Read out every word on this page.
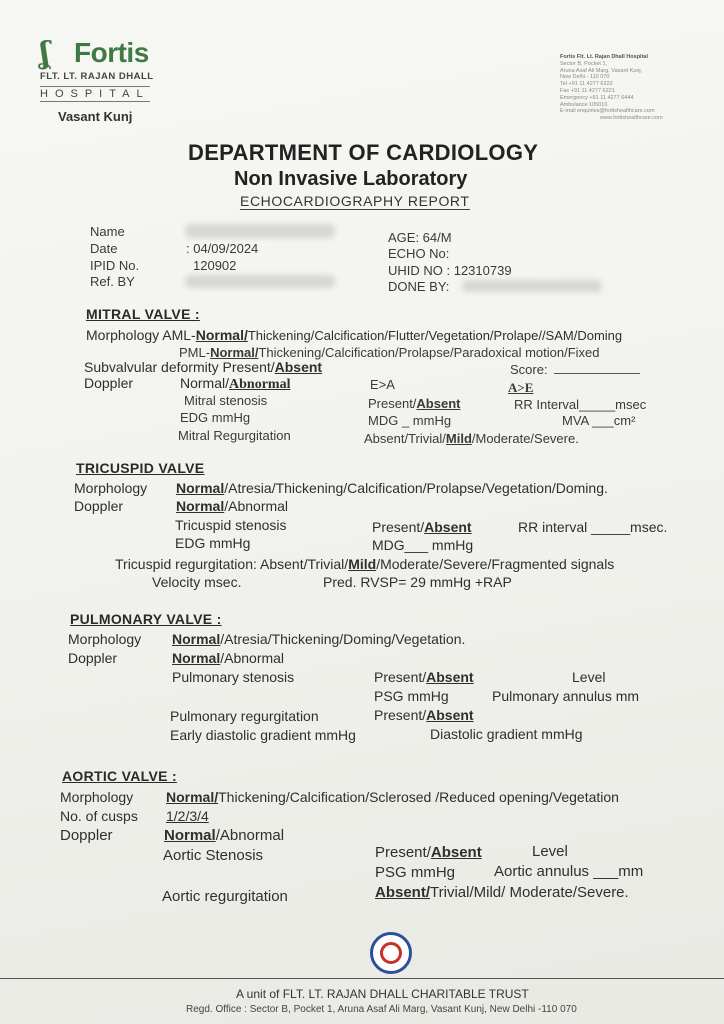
ʆ Fortis
FLT. LT. RAJAN DHALL
HOSPITAL
Vasant Kunj
Fortis Flt. Lt. Rajan Dhall Hospital
Sector B, Pocket 1,
Aruna Asaf Ali Marg, Vasant Kunj,
New Delhi - 110 070
Tel +91 11 4277 6222
Fax +91 11 4277 6221
Emergency +91 11 4277 6444
Ambulance 105010
E-mail enquiries@fortishealthcare.com
www.fortishealthcare.com
DEPARTMENT OF CARDIOLOGY
Non Invasive Laboratory
ECHOCARDIOGRAPHY REPORT
Name
Date	: 04/09/2024
IPID No.	120902
Ref. BY
AGE: 64/M
ECHO No:
UHID NO : 12310739
DONE BY:
MITRAL VALVE :
Morphology AML-Normal/Thickening/Calcification/Flutter/Vegetation/Prolape//SAM/Doming
PML-Normal/Thickening/Calcification/Prolapse/Paradoxical motion/Fixed
Subvalvular deformity Present/Absent	Score:
Doppler	Normal/Abnormal	E>A	A>E
Mitral stenosis	Present/Absent	RR Interval_____msec
EDG mmHg	MDG _ mmHg	MVA ___cm²
Mitral Regurgitation	Absent/Trivial/Mild/Moderate/Severe.
TRICUSPID VALVE
Morphology Normal/Atresia/Thickening/Calcification/Prolapse/Vegetation/Doming.
Doppler	Normal/Abnormal
Tricuspid stenosis	Present/Absent	RR interval _____msec.
EDG mmHg	MDG___ mmHg
Tricuspid regurgitation: Absent/Trivial/Mild/Moderate/Severe/Fragmented signals
Velocity msec.	Pred. RVSP= 29 mmHg +RAP
PULMONARY VALVE :
Morphology Normal/Atresia/Thickening/Doming/Vegetation.
Doppler	Normal/Abnormal
Pulmonary stenosis	Present/Absent	Level
PSG mmHg	Pulmonary annulus mm
Pulmonary regurgitation	Present/Absent
Early diastolic gradient mmHg	Diastolic gradient mmHg
AORTIC VALVE :
Morphology Normal/Thickening/Calcification/Sclerosed /Reduced opening/Vegetation
No. of cusps 1/2/3/4
Doppler	Normal/Abnormal
Aortic Stenosis	Present/Absent	Level
PSG mmHg	Aortic annulus ___mm
Aortic regurgitation	Absent/Trivial/Mild/ Moderate/Severe.
A unit of FLT. LT. RAJAN DHALL CHARITABLE TRUST
Regd. Office : Sector B, Pocket 1, Aruna Asaf Ali Marg, Vasant Kunj, New Delhi -110 070
